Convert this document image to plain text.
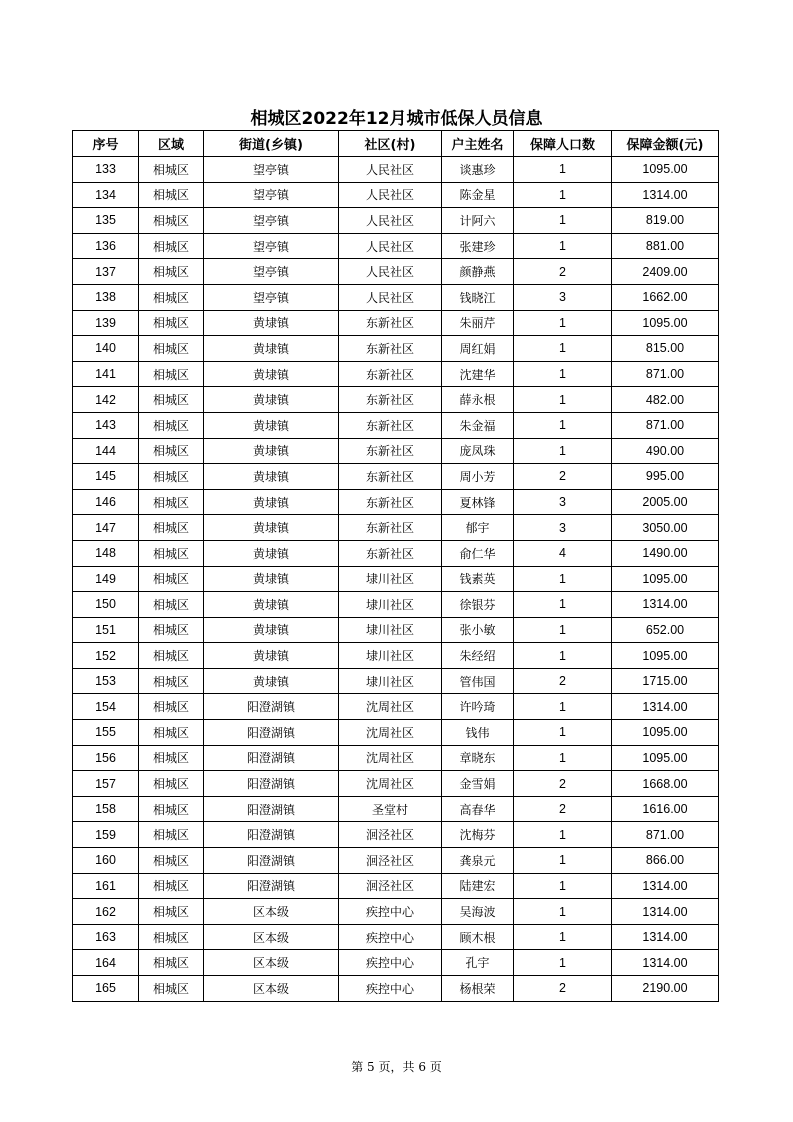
相城区2022年12月城市低保人员信息
序号	区域	街道(乡镇)	社区(村)	户主姓名	保障人口数	保障金额(元)
133	相城区	望亭镇	人民社区	谈惠珍	1	1095.00
134	相城区	望亭镇	人民社区	陈金星	1	1314.00
135	相城区	望亭镇	人民社区	计阿六	1	819.00
136	相城区	望亭镇	人民社区	张建珍	1	881.00
137	相城区	望亭镇	人民社区	颜静燕	2	2409.00
138	相城区	望亭镇	人民社区	钱晓江	3	1662.00
139	相城区	黄埭镇	东新社区	朱丽芹	1	1095.00
140	相城区	黄埭镇	东新社区	周红娟	1	815.00
141	相城区	黄埭镇	东新社区	沈建华	1	871.00
142	相城区	黄埭镇	东新社区	薛永根	1	482.00
143	相城区	黄埭镇	东新社区	朱金福	1	871.00
144	相城区	黄埭镇	东新社区	庞凤珠	1	490.00
145	相城区	黄埭镇	东新社区	周小芳	2	995.00
146	相城区	黄埭镇	东新社区	夏林锋	3	2005.00
147	相城区	黄埭镇	东新社区	郁宇	3	3050.00
148	相城区	黄埭镇	东新社区	俞仁华	4	1490.00
149	相城区	黄埭镇	埭川社区	钱素英	1	1095.00
150	相城区	黄埭镇	埭川社区	徐银芬	1	1314.00
151	相城区	黄埭镇	埭川社区	张小敏	1	652.00
152	相城区	黄埭镇	埭川社区	朱经绍	1	1095.00
153	相城区	黄埭镇	埭川社区	管伟国	2	1715.00
154	相城区	阳澄湖镇	沈周社区	许吟琦	1	1314.00
155	相城区	阳澄湖镇	沈周社区	钱伟	1	1095.00
156	相城区	阳澄湖镇	沈周社区	章晓东	1	1095.00
157	相城区	阳澄湖镇	沈周社区	金雪娟	2	1668.00
158	相城区	阳澄湖镇	圣堂村	高春华	2	1616.00
159	相城区	阳澄湖镇	洄泾社区	沈梅芬	1	871.00
160	相城区	阳澄湖镇	洄泾社区	龚泉元	1	866.00
161	相城区	阳澄湖镇	洄泾社区	陆建宏	1	1314.00
162	相城区	区本级	疾控中心	吴海波	1	1314.00
163	相城区	区本级	疾控中心	顾木根	1	1314.00
164	相城区	区本级	疾控中心	孔宇	1	1314.00
165	相城区	区本级	疾控中心	杨根荣	2	2190.00
第 5 页，共 6 页
